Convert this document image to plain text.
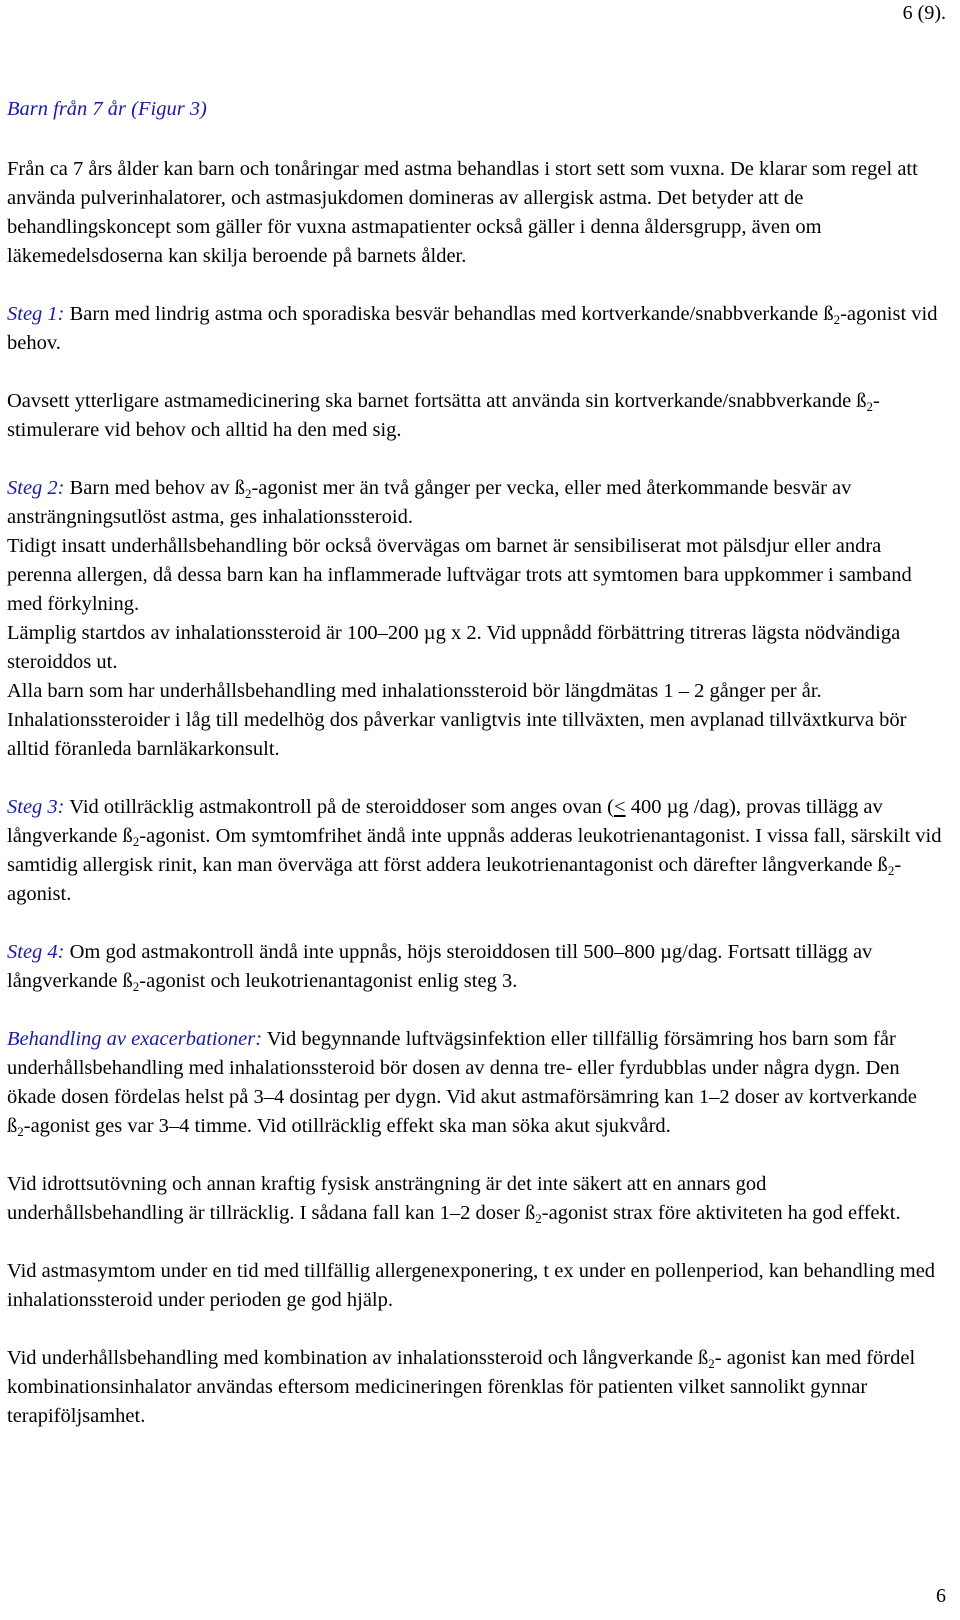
6 (9).

Barn från 7 år (Figur 3)

Från ca 7 års ålder kan barn och tonåringar med astma behandlas i stort sett som vuxna. De klarar som regel att använda pulverinhalatorer, och astmasjukdomen domineras av allergisk astma. Det betyder att de behandlingskoncept som gäller för vuxna astmapatienter också gäller i denna åldersgrupp, även om läkemedelsdoserna kan skilja beroende på barnets ålder.

Steg 1: Barn med lindrig astma och sporadiska besvär behandlas med kortverkande/snabbverkande $ß_2$-agonist vid behov.

Oavsett ytterligare astmamedicinering ska barnet fortsätta att använda sin kortverkande/snabbverkande $ß_2$-stimulerare vid behov och alltid ha den med sig.

Steg 2: Barn med behov av $ß_2$-agonist mer än två gånger per vecka, eller med återkommande besvär av ansträngningsutlöst astma, ges inhalationssteroid.

Tidigt insatt underhållsbehandling bör också övervägas om barnet är sensibiliserat mot pälsdjur eller andra perenna allergen, då dessa barn kan ha inflammerade luftvägar trots att symtomen bara uppkommer i samband med förkylning.

Lämplig startdos av inhalationssteroid är 100–200 µg x 2. Vid uppnådd förbättring titreras lägsta nödvändiga steroiddos ut.

Alla barn som har underhållsbehandling med inhalationssteroid bör längdmätas 1 – 2 gånger per år. Inhalationssteroider i låg till medelhög dos påverkar vanligtvis inte tillväxten, men avplanad tillväxtkurva bör alltid föranleda barnläkarkonsult.

Steg 3: Vid otillräcklig astmakontroll på de steroiddoser som anges ovan (≤ 400 µg /dag), provas tillägg av långverkande $ß_2$-agonist. Om symtomfrihet ändå inte uppnås adderas leukotrienantagonist. I vissa fall, särskilt vid samtidig allergisk rinit, kan man överväga att först addera leukotrienantagonist och därefter långverkande $ß_2$-agonist.

Steg 4: Om god astmakontroll ändå inte uppnås, höjs steroiddosen till 500–800 µg/dag. Fortsatt tillägg av långverkande $ß_2$-agonist och leukotrienantagonist enlig steg 3.

Behandling av exacerbationer: Vid begynnande luftvägsinfektion eller tillfällig försämring hos barn som får underhållsbehandling med inhalationssteroid bör dosen av denna tre- eller fyrdubblas under några dygn. Den ökade dosen fördelas helst på 3–4 dosintag per dygn. Vid akut astmaförsämring kan 1–2 doser av kortverkande $ß_2$-agonist ges var 3–4 timme. Vid otillräcklig effekt ska man söka akut sjukvård.

Vid idrottsutövning och annan kraftig fysisk ansträngning är det inte säkert att en annars god underhållsbehandling är tillräcklig. I sådana fall kan 1–2 doser $ß_2$-agonist strax före aktiviteten ha god effekt.

Vid astmasymtom under en tid med tillfällig allergenexponering, t ex under en pollenperiod, kan behandling med inhalationssteroid under perioden ge god hjälp.

Vid underhållsbehandling med kombination av inhalationssteroid och långverkande $ß_2-$ agonist kan med fördel kombinationsinhalator användas eftersom medicineringen förenklas för patienten vilket sannolikt gynnar terapiföljsamhet.

6
